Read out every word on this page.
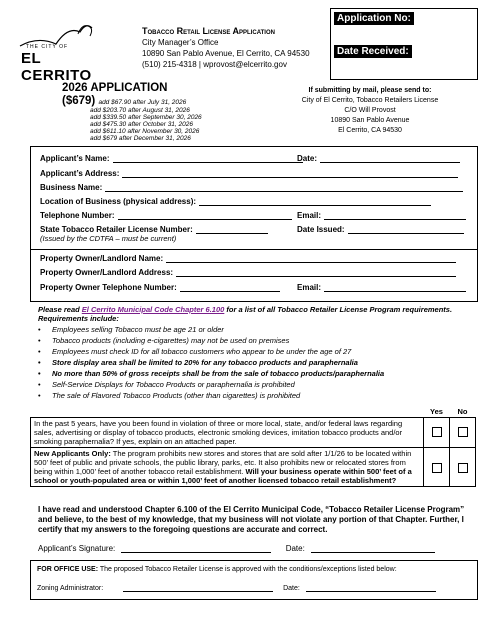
THE CITY OF
EL CERRITO
Tobacco Retail License Application
City Manager’s Office
10890 San Pablo Avenue, El Cerrito, CA 94530
(510) 215-4318 | wprovost@elcerrito.gov
Application No:
Date Received:
2026 APPLICATION
($679) add $67.90 after July 31, 2026
add $203.70 after August 31, 2026
add $339.50 after September 30, 2026
add $475.30 after October 31, 2026
add $611.10 after November 30, 2026
add $679 after December 31, 2026
If submitting by mail, please send to:
City of El Cerrito, Tobacco Retailers License
C/O Will Provost
10890 San Pablo Avenue
El Cerrito, CA 94530
Applicant’s Name:	Date:
Applicant’s Address:
Business Name:
Location of Business (physical address):
Telephone Number:	Email:
State Tobacco Retailer License Number:	Date Issued:
(Issued by the CDTFA – must be current)
Property Owner/Landlord Name:
Property Owner/Landlord Address:
Property Owner Telephone Number:	Email:
Please read El Cerrito Municipal Code Chapter 6.100 for a list of all Tobacco Retailer License Program requirements. Requirements include:
• Employees selling Tobacco must be age 21 or older
• Tobacco products (including e-cigarettes) may not be used on premises
• Employees must check ID for all tobacco customers who appear to be under the age of 27
• Store display area shall be limited to 20% for any tobacco products and paraphernalia
• No more than 50% of gross receipts shall be from the sale of tobacco products/paraphernalia
• Self-Service Displays for Tobacco Products or paraphernalia is prohibited
• The sale of Flavored Tobacco Products (other than cigarettes) is prohibited
	Yes	No
In the past 5 years, have you been found in violation of three or more local, state, and/or federal laws regarding sales, advertising or display of tobacco products, electronic smoking devices, imitation tobacco products and/or smoking paraphernalia? If yes, explain on an attached paper.		
New Applicants Only: The program prohibits new stores and stores that are sold after 1/1/26 to be located within 500’ feet of public and private schools, the public library, parks, etc. It also prohibits new or relocated stores from being within 1,000’ feet of another tobacco retail establishment. Will your business operate within 500’ feet of a school or youth-populated area or within 1,000’ feet of another licensed tobacco retail establishment?		
I have read and understood Chapter 6.100 of the El Cerrito Municipal Code, “Tobacco Retailer License Program” and believe, to the best of my knowledge, that my business will not violate any portion of that Chapter. Further, I certify that my answers to the foregoing questions are accurate and correct.
Applicant’s Signature:	Date:
FOR OFFICE USE: The proposed Tobacco Retailer License is approved with the conditions/exceptions listed below:
Zoning Administrator:	Date:
